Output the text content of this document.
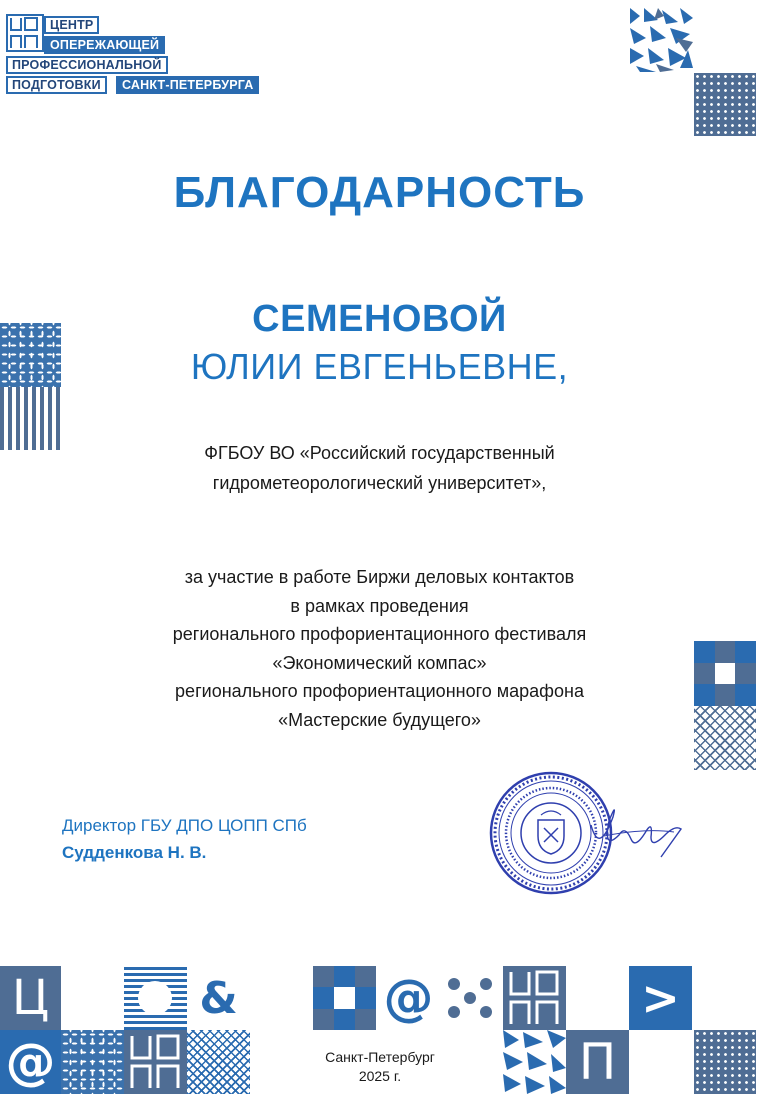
ЦЕНТР
ОПЕРЕЖАЮЩЕЙ
ПРОФЕССИОНАЛЬНОЙ
ПОДГОТОВКИ	САНКТ-ПЕТЕРБУРГА
БЛАГОДАРНОСТЬ
СЕМЕНОВОЙ
ЮЛИИ ЕВГЕНЬЕВНЕ,
ФГБОУ ВО «Российский государственный
гидрометеорологический университет»,
за участие в работе Биржи деловых контактов
в рамках проведения
регионального профориентационного фестиваля
«Экономический компас»
регионального профориентационного марафона
«Мастерские будущего»
Директор ГБУ ДПО ЦОПП СПб
Судденкова Н. В.
Ц
@
&	@
Санкт-Петербург
2025 г.
>
П
